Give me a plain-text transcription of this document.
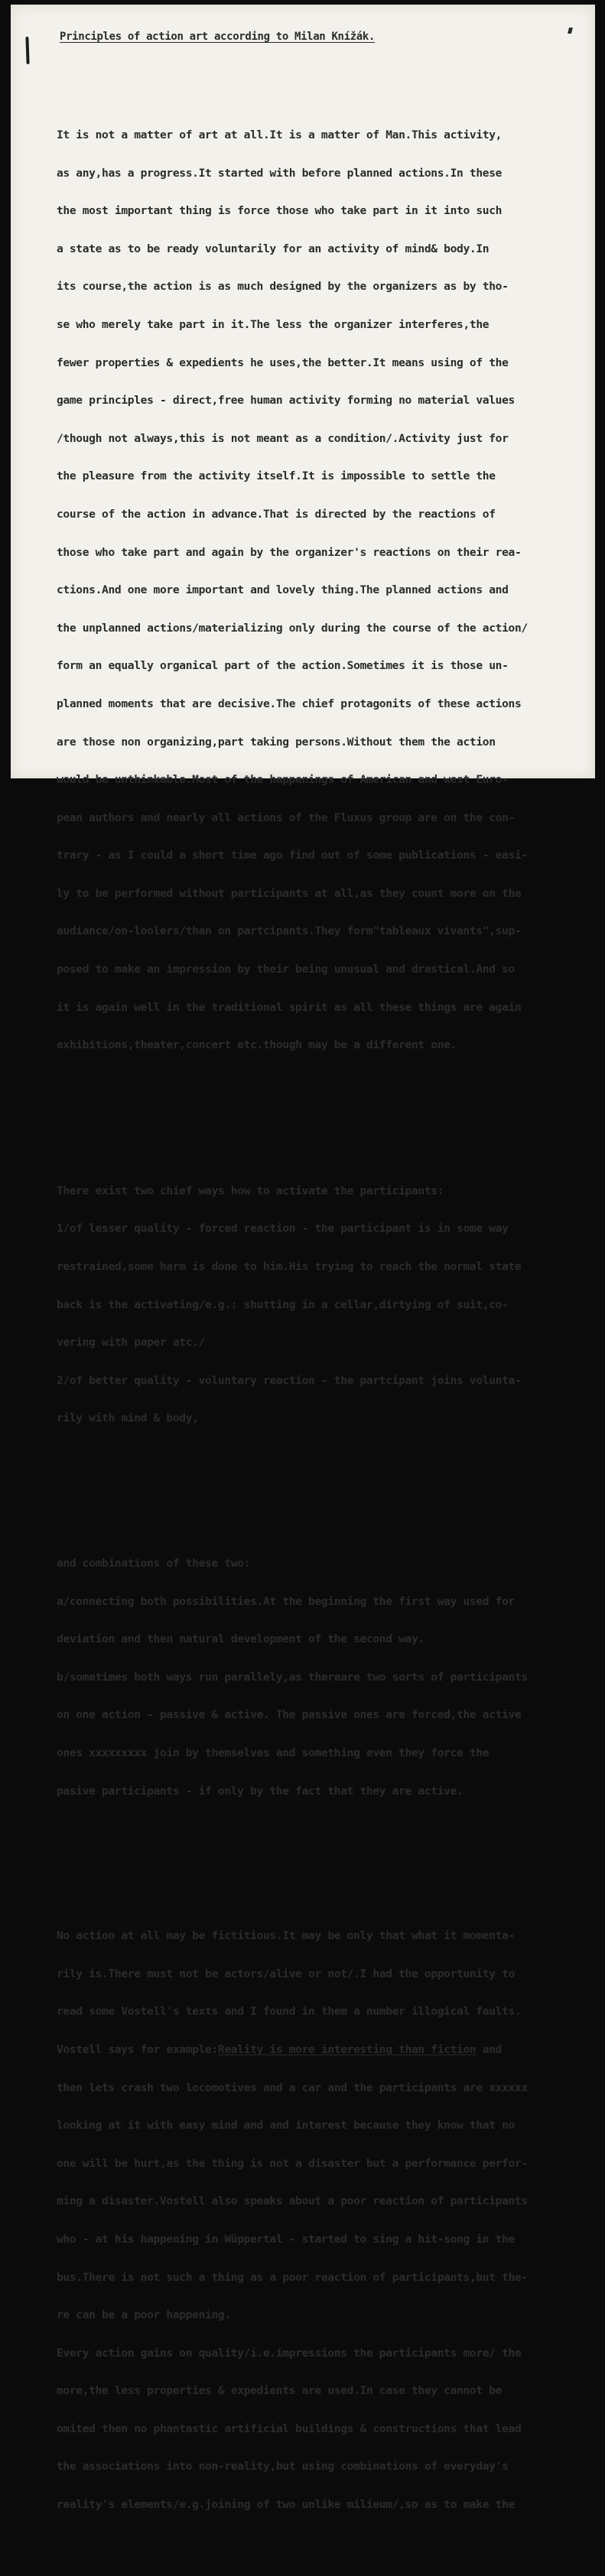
Principles of action art according to Milan Knížák.

It is not a matter of art at all.It is a matter of Man.This activity,

as any,has a progress.It started with before planned actions.In these

the most important thing is force those who take part in it into such

a state as to be ready voluntarily for an activity of mind& body.In

its course,the action is as much designed by the organizers as by tho-

se who merely take part in it.The less the organizer interferes,the

fewer properties & expedients he uses,the better.It means using of the

game principles - direct,free human activity forming no material values

/though not always,this is not meant as a condition/.Activity just for

the pleasure from the activity itself.It is impossible to settle the

course of the action in advance.That is directed by the reactions of

those who take part and again by the organizer's reactions on their rea-

ctions.And one more important and lovely thing.The planned actions and

the unplanned actions/materializing only during the course of the action/

form an equally organical part of the action.Sometimes it is those un-

planned moments that are decisive.The chief protagonits of these actions

are those non organizing,part taking persons.Without them the action

would be unthinkable.Most of the happenings of American and west Euro-

pean authors and nearly all actions of the Fluxus group are on the con-

trary - as I could a short time ago find out of some publications - easi-

ly to be performed without participants at all,as they count more on the

audiance/on-loolers/than on partcipants.They form"tableaux vivants",sup-

posed to make an impression by their being unusual and drastical.And so

it is again well in the traditional spirit as all these things are again

exhibitions,theater,concert etc.though may be a different one.

There exist two chief ways how to activate the participants:

1/of lesser quality - forced reaction - the participant is in some way

restrained,some harm is done to him.His trying to reach the normal state

back is the activating/e.g.: shutting in a cellar,dirtying of suit,co-

vering with paper atc./

2/of better quality - voluntary reaction - the partcipant joins volunta-

rily with mind & body,

and combinations of these two:

a/connecting both possibilities.At the beginning the first way used for

deviation and then natural development of the second way.

b/sometimes both ways run parallely,as thereare two sorts of participants

on one action - passive & active. The passive ones are forced,the active

ones xxxxxxxxx join by themselves and something even they force the

pasive participants - if only by the fact that they are active.

No action at all may be fictitious.It may be only that what it momenta-

rily is.There must not be actors/alive or not/.I had the opportunity to

read some Vostell's texts and I found in them a number illogical faults.

Vostell says for example:Reality is more interesting than fiction and

then lets crash two locomotives and a car and the participants are xxxxxx

looking at it with easy mind and and interest because they know that no

one will be hurt,as the thing is not a disaster but a performance perfor-

ming a disaster.Vostell also speaks about a poor reaction of participants

who - at his happening in Wüppertal - started to sing a hit-song in the

bus.There is not such a thing as a poor reaction of participants,but the-

re can be a poor happening.

Every action gains on quality/i.e.impressions the participants more/ the

more,the less properties & expedients are used.In case they cannot be

omited then no phantastic artificial buildings & constructions that lead

the associations into non-reality,but using combinations of everyday's

reality's elements/e.g.joining of two unlike milieum/,so as to make the
